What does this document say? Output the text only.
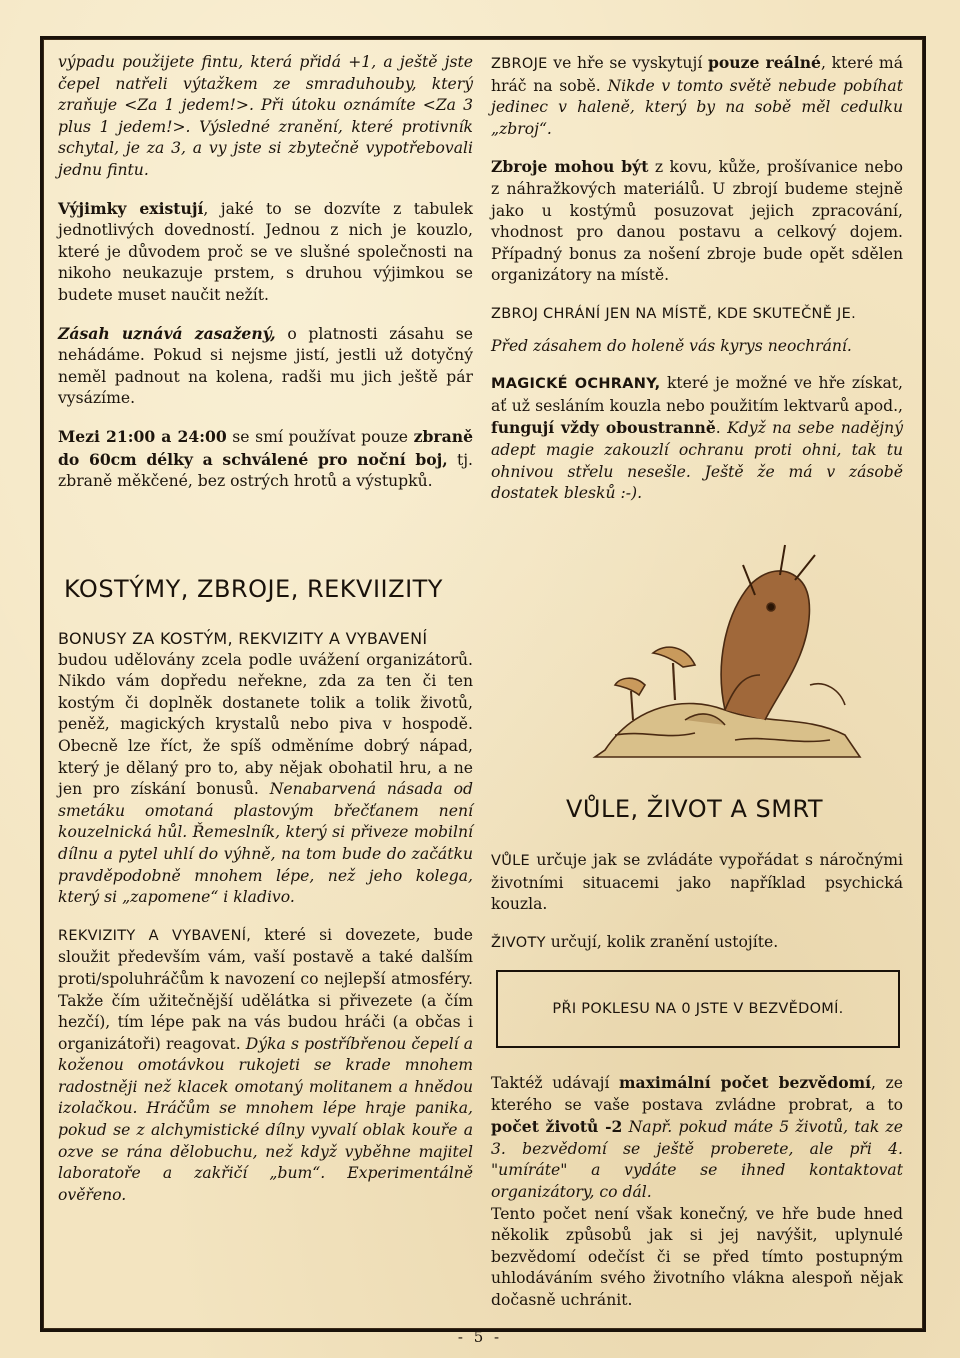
výpadu použijete fintu, která přidá +1, a ještě jste čepel natřeli výtažkem ze smraduhouby, který zraňuje <Za 1 jedem!>. Při útoku oznámíte <Za 3 plus 1 jedem!>. Výsledné zranění, které protivník schytal, je za 3, a vy jste si zbytečně vypotřebovali jednu fintu.

Výjimky existují, jaké to se dozvíte z tabulek jednotlivých dovedností. Jednou z nich je kouzlo, které je důvodem proč se ve slušné společnosti na nikoho neukazuje prstem, s druhou výjimkou se budete muset naučit nežít.

Zásah uznává zasažený, o platnosti zásahu se nehádáme. Pokud si nejsme jistí, jestli už dotyčný neměl padnout na kolena, radši mu jich ještě pár vysázíme.

Mezi 21:00 a 24:00 se smí používat pouze zbraně do 60cm délky a schválené pro noční boj, tj. zbraně měkčené, bez ostrých hrotů a výstupků.

ZBROJE ve hře se vyskytují pouze reálné, které má hráč na sobě. Nikde v tomto světě nebude pobíhat jedinec v haleně, který by na sobě měl cedulku „zbroj“.

Zbroje mohou být z kovu, kůže, prošívanice nebo z náhražkových materiálů. U zbrojí budeme stejně jako u kostýmů posuzovat jejich zpracování, vhodnost pro danou postavu a celkový dojem. Případný bonus za nošení zbroje bude opět sdělen organizátory na místě.

ZBROJ CHRÁNÍ JEN NA MÍSTĚ, KDE SKUTEČNĚ JE.

Před zásahem do holeně vás kyrys neochrání.

MAGICKÉ OCHRANY, které je možné ve hře získat, ať už sesláním kouzla nebo použitím lektvarů apod., fungují vždy oboustranně. Když na sebe nadějný adept magie zakouzlí ochranu proti ohni, tak tu ohnivou střelu nesešle. Ještě že má v zásobě dostatek blesků :-).

KOSTÝMY, ZBROJE, REKVIIZITY

BONUSY ZA KOSTÝM, REKVIZITY A VYBAVENÍ
budou udělovány zcela podle uvážení organizátorů. Nikdo vám dopředu neřekne, zda za ten či ten kostým či doplněk dostanete tolik a tolik životů, peněž, magických krystalů nebo piva v hospodě. Obecně lze říct, že spíš odměníme dobrý nápad, který je dělaný pro to, aby nějak obohatil hru, a ne jen pro získání bonusů. Nenabarvená násada od smetáku omotaná plastovým břečťanem není kouzelnická hůl. Řemeslník, který si přiveze mobilní dílnu a pytel uhlí do výhně, na tom bude do začátku pravděpodobně mnohem lépe, než jeho kolega, který si „zapomene“ i kladivo.

REKVIZITY A VYBAVENÍ, které si dovezete, bude sloužit především vám, vaší postavě a také dalším proti/spoluhráčům k navození co nejlepší atmosféry. Takže čím užitečnější udělátka si přivezete (a čím hezčí), tím lépe pak na vás budou hráči (a občas i organizátoři) reagovat. Dýka s postříbřenou čepelí a koženou omotávkou rukojeti se krade mnohem radostněji než klacek omotaný molitanem a hnědou izolačkou. Hráčům se mnohem lépe hraje panika, pokud se z alchymistické dílny vyvalí oblak kouře a ozve se rána dělobuchu, než když vyběhne majitel laboratoře a zakřičí „bum“. Experimentálně ověřeno.

VŮLE, ŽIVOT A SMRT

VŮLE určuje jak se zvládáte vypořádat s náročnými životními situacemi jako například psychická kouzla.

ŽIVOTY určují, kolik zranění ustojíte.

PŘI POKLESU NA 0 JSTE V BEZVĚDOMÍ.

Taktéž udávají maximální počet bezvědomí, ze kterého se vaše postava zvládne probrat, a to počet životů -2 Např. pokud máte 5 životů, tak ze 3. bezvědomí se ještě proberete, ale při 4. "umíráte" a vydáte se ihned kontaktovat organizátory, co dál.

Tento počet není však konečný, ve hře bude hned několik způsobů jak si jej navýšit, uplynulé bezvědomí odečíst či se před tímto postupným uhlodáváním svého životního vlákna alespoň nějak dočasně uchránit.

- 5 -
